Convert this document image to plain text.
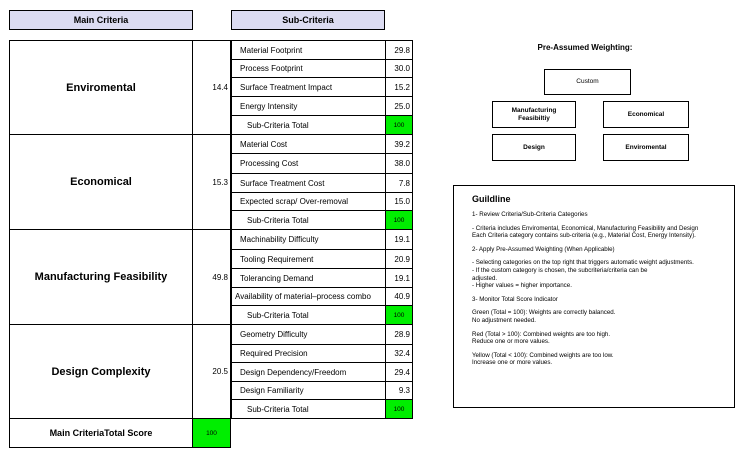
Main Criteria	Sub-Criteria
Enviromental	14.4
Material Footprint	29.8
Process Footprint	30.0
Surface Treatment Impact	15.2
Energy Intensity	25.0
Sub-Criteria Total	100
Economical	15.3
Material Cost	39.2
Processing Cost	38.0
Surface Treatment Cost	7.8
Expected scrap/ Over-removal	15.0
Sub-Criteria Total	100
Manufacturing Feasibility	49.8
Machinability Difficulty	19.1
Tooling Requirement	20.9
Tolerancing Demand	19.1
Availability of material–process combo	40.9
Sub-Criteria Total	100
Design Complexity	20.5
Geometry Difficulty	28.9
Required Precision	32.4
Design Dependency/Freedom	29.4
Design Familiarity	9.3
Sub-Criteria Total	100
Main CriteriaTotal Score	100
Pre-Assumed Weighting:
Custom
Manufacturing
Feasibiltiy
Economical
Design	Enviromental
Guildline

1- Review Criteria/Sub-Criteria Categories

- Criteria includes Enviromental, Economical, Manufacturing Feasibility and Design
Each Criteria category contains sub-criteria (e.g., Material Cost, Energy Intensity).

2- Apply Pre-Assumed Weighting (When Applicable)

- Selecting categories on the top right that triggers automatic weight adjustments.
- If the custom category is chosen, the subcriteria/criteria can be
adjusted.
- Higher values = higher importance.

3- Monitor Total Score Indicator

Green (Total = 100): Weights are correctly balanced.
No adjustment needed.

Red (Total > 100): Combined weights are too high.
Reduce one or more values.

Yellow (Total < 100): Combined weights are too low.
Increase one or more values.
